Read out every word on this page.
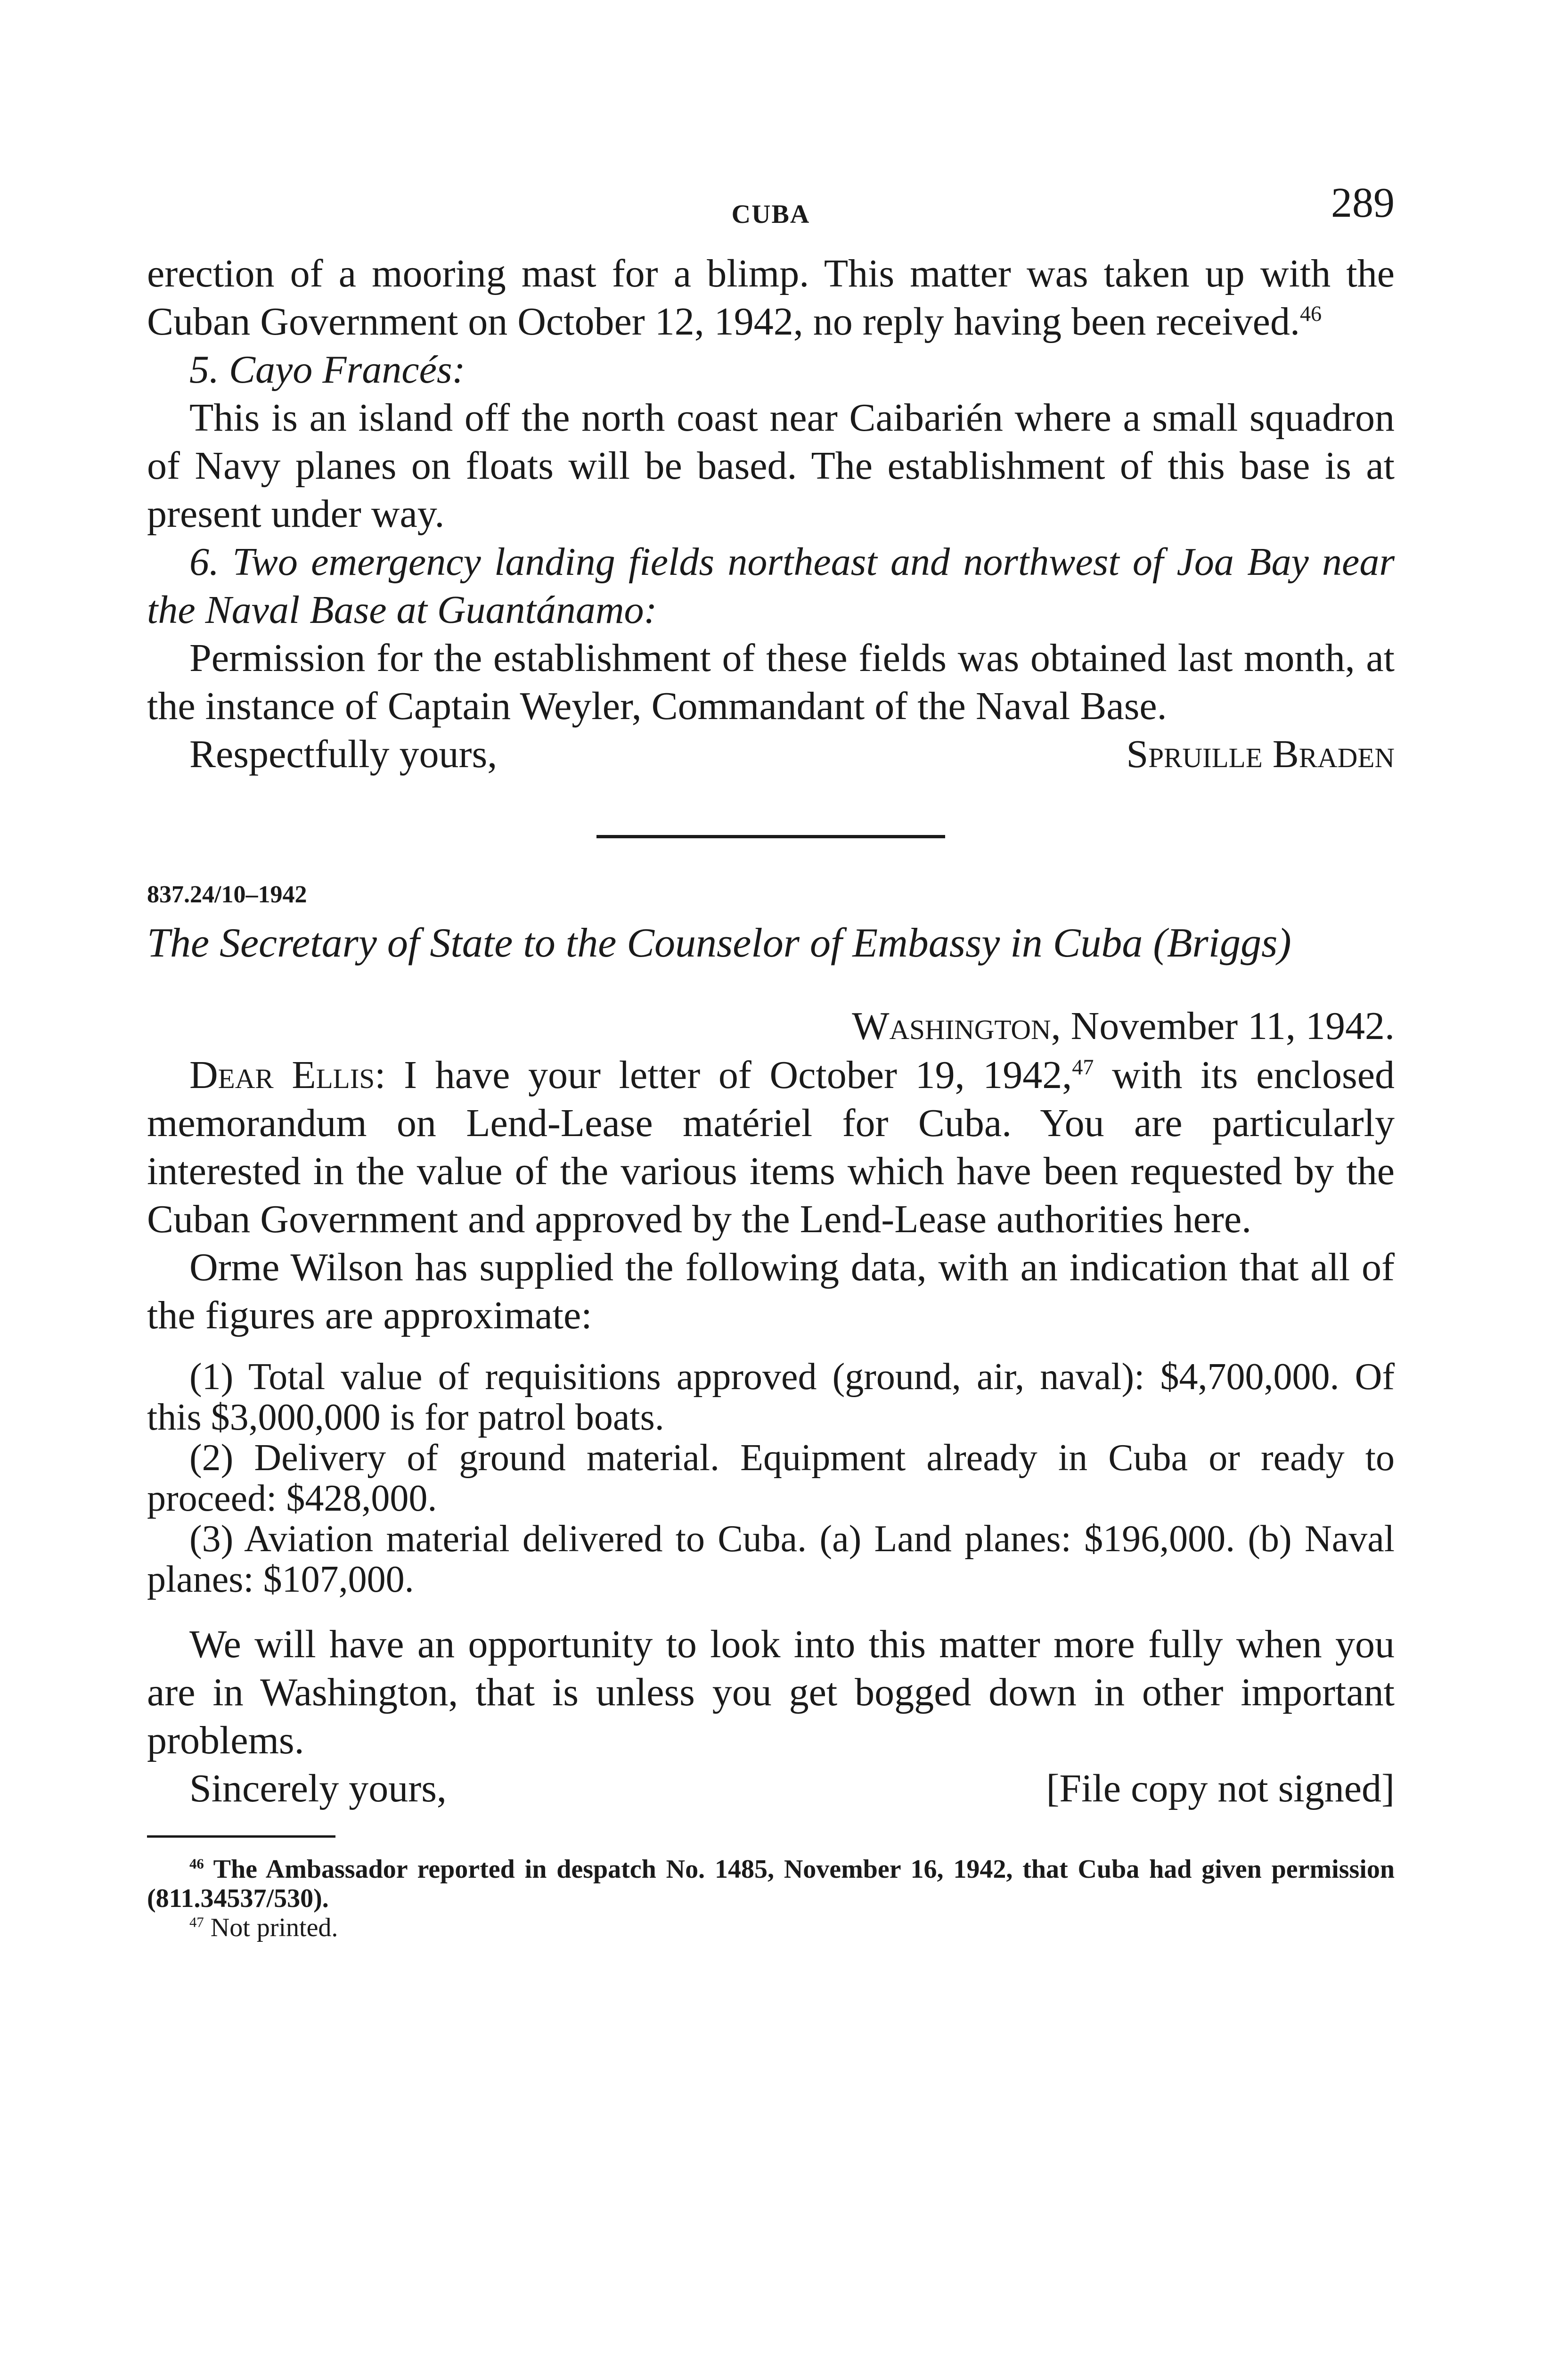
CUBA	289

erection of a mooring mast for a blimp. This matter was taken up with the Cuban Government on October 12, 1942, no reply having been received.$^{46}$

5. Cayo Francés:

This is an island off the north coast near Caibarién where a small squadron of Navy planes on floats will be based. The establishment of this base is at present under way.

6. Two emergency landing fields northeast and northwest of Joa Bay near the Naval Base at Guantánamo:

Permission for the establishment of these fields was obtained last month, at the instance of Captain Weyler, Commandant of the Naval Base.

Respectfully yours,	Spruille Braden
837.24/10–1942
The Secretary of State to the Counselor of Embassy in Cuba (Briggs)
Washington, November 11, 1942.

Dear Ellis: I have your letter of October 19, 1942,47 with its enclosed memorandum on Lend-Lease matériel for Cuba. You are particularly interested in the value of the various items which have been requested by the Cuban Government and approved by the Lend-Lease authorities here.

Orme Wilson has supplied the following data, with an indication that all of the figures are approximate:

(1) Total value of requisitions approved (ground, air, naval): $4,700,000. Of this $3,000,000 is for patrol boats.

(2) Delivery of ground material. Equipment already in Cuba or ready to proceed: $428,000.

(3) Aviation material delivered to Cuba. (a) Land planes: $196,000. (b) Naval planes: $107,000.

We will have an opportunity to look into this matter more fully when you are in Washington, that is unless you get bogged down in other important problems.

Sincerely yours,	[File copy not signed]

$^{46}$ The Ambassador reported in despatch No. 1485, November 16, 1942, that Cuba had given permission (811.34537/530).

$^{47}$ Not printed.
